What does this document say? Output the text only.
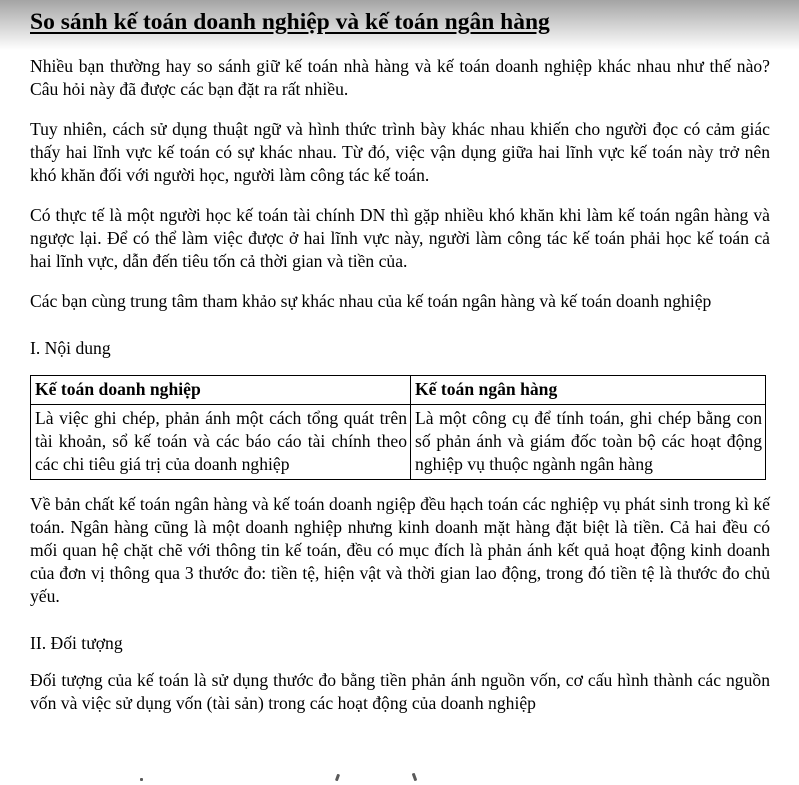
So sánh kế toán doanh nghiệp và kế toán ngân hàng

Nhiều bạn thường hay so sánh giữ kế toán nhà hàng và kế toán doanh nghiệp khác nhau như thế nào? Câu hỏi này đã được các bạn đặt ra rất nhiều.

Tuy nhiên, cách sử dụng thuật ngữ và hình thức trình bày khác nhau khiến cho người đọc có cảm giác thấy hai lĩnh vực kế toán có sự khác nhau. Từ đó, việc vận dụng giữa hai lĩnh vực kế toán này trở nên khó khăn đối với người học, người làm công tác kế toán.

Có thực tế là một người học kế toán tài chính DN thì gặp nhiều khó khăn khi làm kế toán ngân hàng và ngược lại. Để có thể làm việc được ở hai lĩnh vực này, người làm công tác kế toán phải học kế toán cả hai lĩnh vực, dẫn đến tiêu tốn cả thời gian và tiền của.

Các bạn cùng trung tâm tham khảo sự khác nhau của kế toán ngân hàng và kế toán doanh nghiệp

I. Nội dung

Kế toán doanh nghiệp	Kế toán ngân hàng
Là việc ghi chép, phản ánh một cách tổng quát trên tài khoản, sổ kế toán và các báo cáo tài chính theo các chi tiêu giá trị của doanh nghiệp	Là một công cụ để tính toán, ghi chép bằng con số phản ánh và giám đốc toàn bộ các hoạt động nghiệp vụ thuộc ngành ngân hàng

Về bản chất kế toán ngân hàng và kế toán doanh ngiệp đều hạch toán các nghiệp vụ phát sinh trong kì kế toán. Ngân hàng cũng là một doanh nghiệp nhưng kinh doanh mặt hàng đặt biệt là tiền. Cả hai đều có mối quan hệ chặt chẽ với thông tin kế toán, đều có mục đích là phản ánh kết quả hoạt động kinh doanh của đơn vị thông qua 3 thước đo: tiền tệ, hiện vật và thời gian lao động, trong đó tiền tệ là thước đo chủ yếu.

II. Đối tượng

Đối tượng của kế toán là sử dụng thước đo bằng tiền phản ánh nguồn vốn, cơ cấu hình thành các nguồn vốn và việc sử dụng vốn (tài sản) trong các hoạt động của doanh nghiệp
